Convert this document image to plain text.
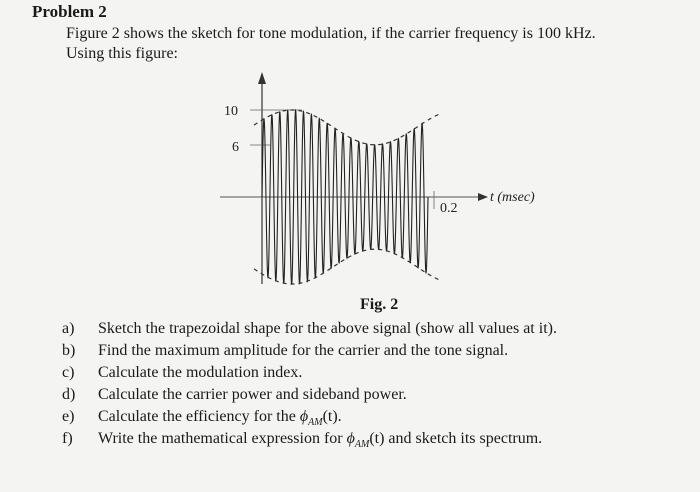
Problem 2
Figure 2 shows the sketch for tone modulation, if the carrier frequency is 100 kHz.
Using this figure:
10
6
0.2
t (msec)
Fig. 2
a)	Sketch the trapezoidal shape for the above signal (show all values at it).
b)	Find the maximum amplitude for the carrier and the tone signal.
c)	Calculate the modulation index.
d)	Calculate the carrier power and sideband power.
e)	Calculate the efficiency for the $\phi_{AM}(t)$.
f)	Write the mathematical expression for $\phi_{AM}(t)$ and sketch its spectrum.
